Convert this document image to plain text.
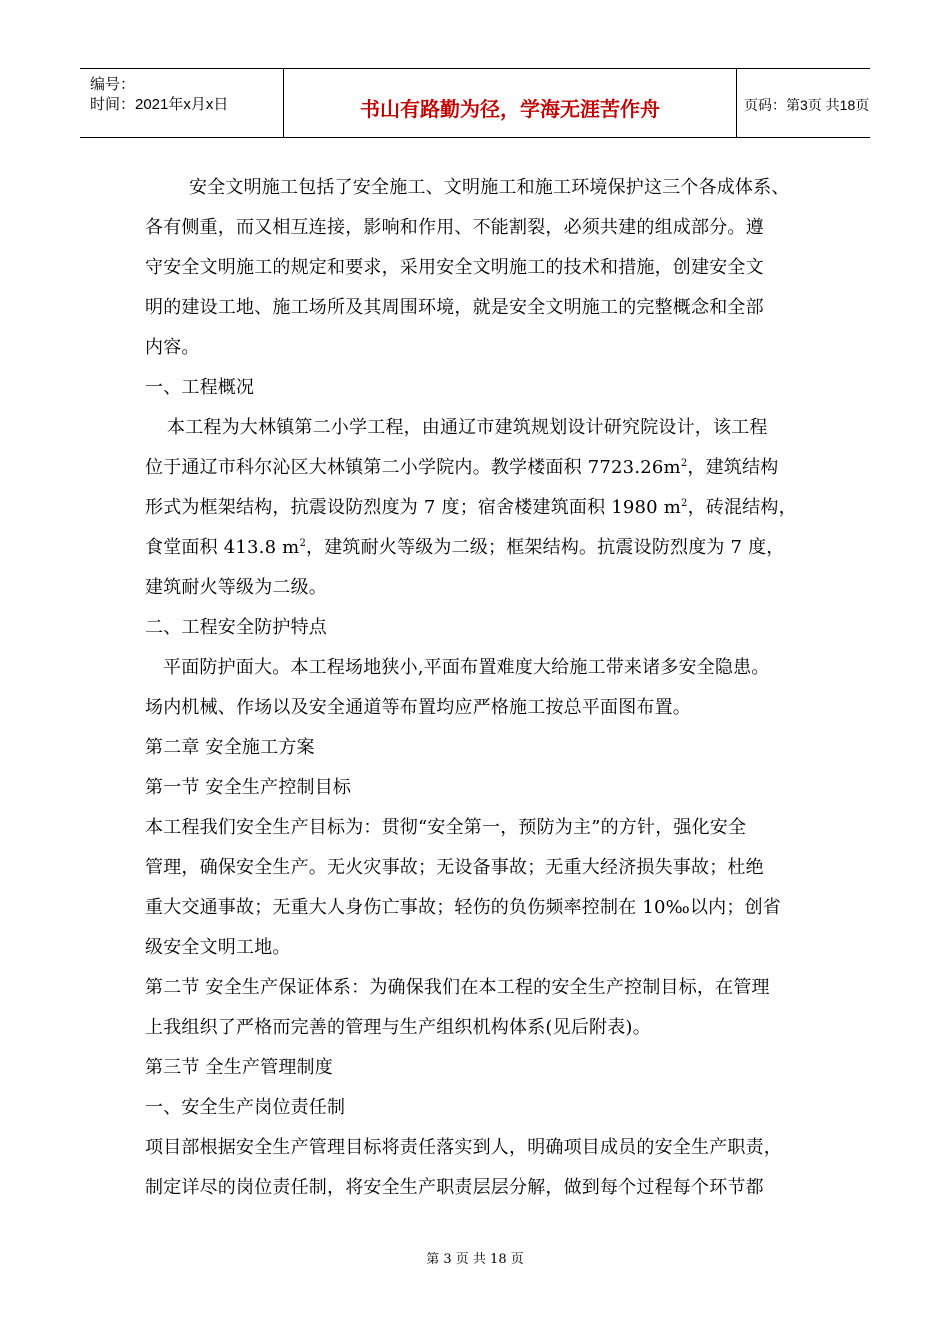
编号：
时间：2021年x月x日	书山有路勤为径，学海无涯苦作舟	页码：第3页 共18页

安全文明施工包括了安全施工、文明施工和施工环境保护这三个各成体系、

各有侧重，而又相互连接，影响和作用、不能割裂，必须共建的组成部分。遵

守安全文明施工的规定和要求，采用安全文明施工的技术和措施，创建安全文

明的建设工地、施工场所及其周围环境，就是安全文明施工的完整概念和全部

内容。

一、工程概况

本工程为大林镇第二小学工程，由通辽市建筑规划设计研究院设计，该工程

位于通辽市科尔沁区大林镇第二小学院内。教学楼面积 $7723.26m^2$，建筑结构

形式为框架结构，抗震设防烈度为 7 度；宿舍楼建筑面积 1980 $m^2$，砖混结构，

食堂面积 413.8 $m^2$，建筑耐火等级为二级；框架结构。抗震设防烈度为 7 度，

建筑耐火等级为二级。

二、工程安全防护特点

平面防护面大。本工程场地狭小,平面布置难度大给施工带来诸多安全隐患。

场内机械、作场以及安全通道等布置均应严格施工按总平面图布置。

第二章 安全施工方案

第一节 安全生产控制目标

本工程我们安全生产目标为：贯彻“安全第一，预防为主”的方针，强化安全

管理，确保安全生产。无火灾事故；无设备事故；无重大经济损失事故；杜绝

重大交通事故；无重大人身伤亡事故；轻伤的负伤频率控制在 10‰以内；创省

级安全文明工地。

第二节 安全生产保证体系：为确保我们在本工程的安全生产控制目标，在管理

上我组织了严格而完善的管理与生产组织机构体系(见后附表)。

第三节 全生产管理制度

一、安全生产岗位责任制

项目部根据安全生产管理目标将责任落实到人，明确项目成员的安全生产职责，

制定详尽的岗位责任制，将安全生产职责层层分解，做到每个过程每个环节都

第 3 页 共 18 页
